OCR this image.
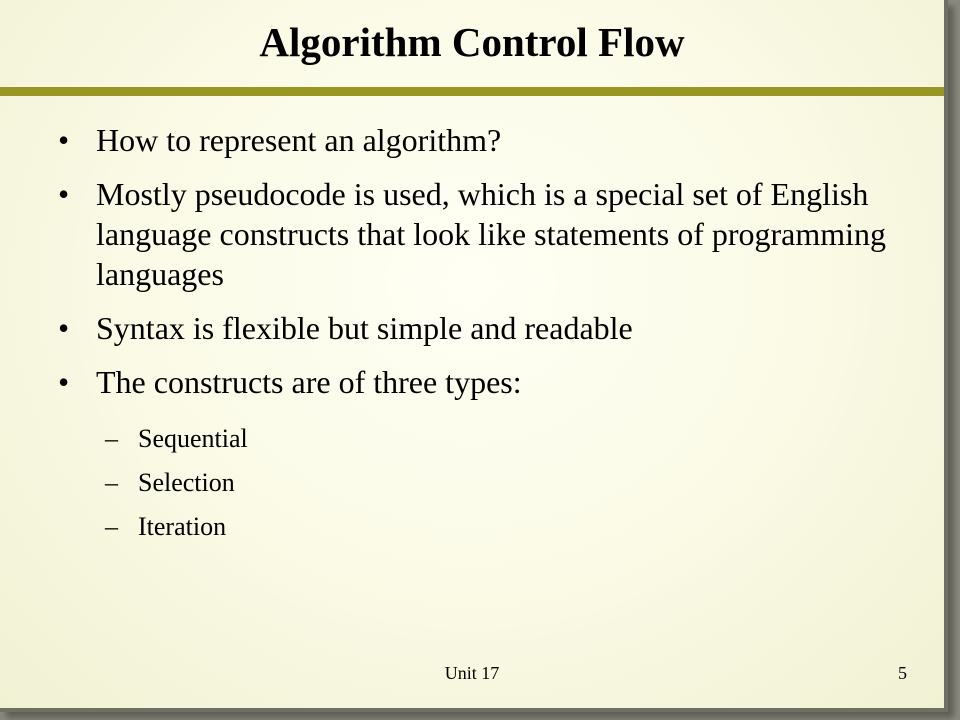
Algorithm Control Flow
• How to represent an algorithm?
• Mostly pseudocode is used, which is a special set of English language constructs that look like statements of programming languages
• Syntax is flexible but simple and readable
• The constructs are of three types:
– Sequential
– Selection
– Iteration
Unit 17	5
